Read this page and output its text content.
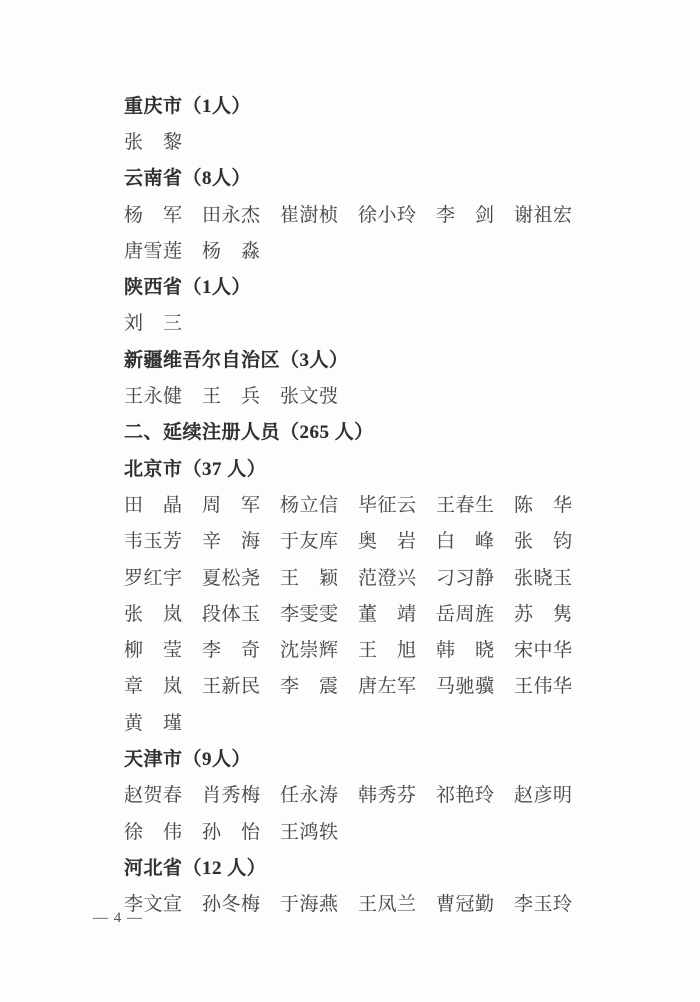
重庆市（1人）
张　黎
云南省（8人）
杨　军　田永杰　崔澍桢　徐小玲　李　剑　谢祖宏
唐雪莲　杨　淼
陕西省（1人）
刘　三
新疆维吾尔自治区（3人）
王永健　王　兵　张文弢
二、延续注册人员（265 人）
北京市（37 人）
田　晶　周　军　杨立信　毕征云　王春生　陈　华
韦玉芳　辛　海　于友库　奥　岩　白　峰　张　钧
罗红宇　夏松尧　王　颖　范澄兴　刁习静　张晓玉
张　岚　段体玉　李雯雯　董　靖　岳周旌　苏　隽
柳　莹　李　奇　沈崇辉　王　旭　韩　晓　宋中华
章　岚　王新民　李　震　唐左军　马驰骥　王伟华
黄　瑾
天津市（9人）
赵贺春　肖秀梅　任永涛　韩秀芬　祁艳玲　赵彦明
徐　伟　孙　怡　王鸿轶
河北省（12 人）
李文宣　孙冬梅　于海燕　王凤兰　曹冠勤　李玉玲
— 4 —
